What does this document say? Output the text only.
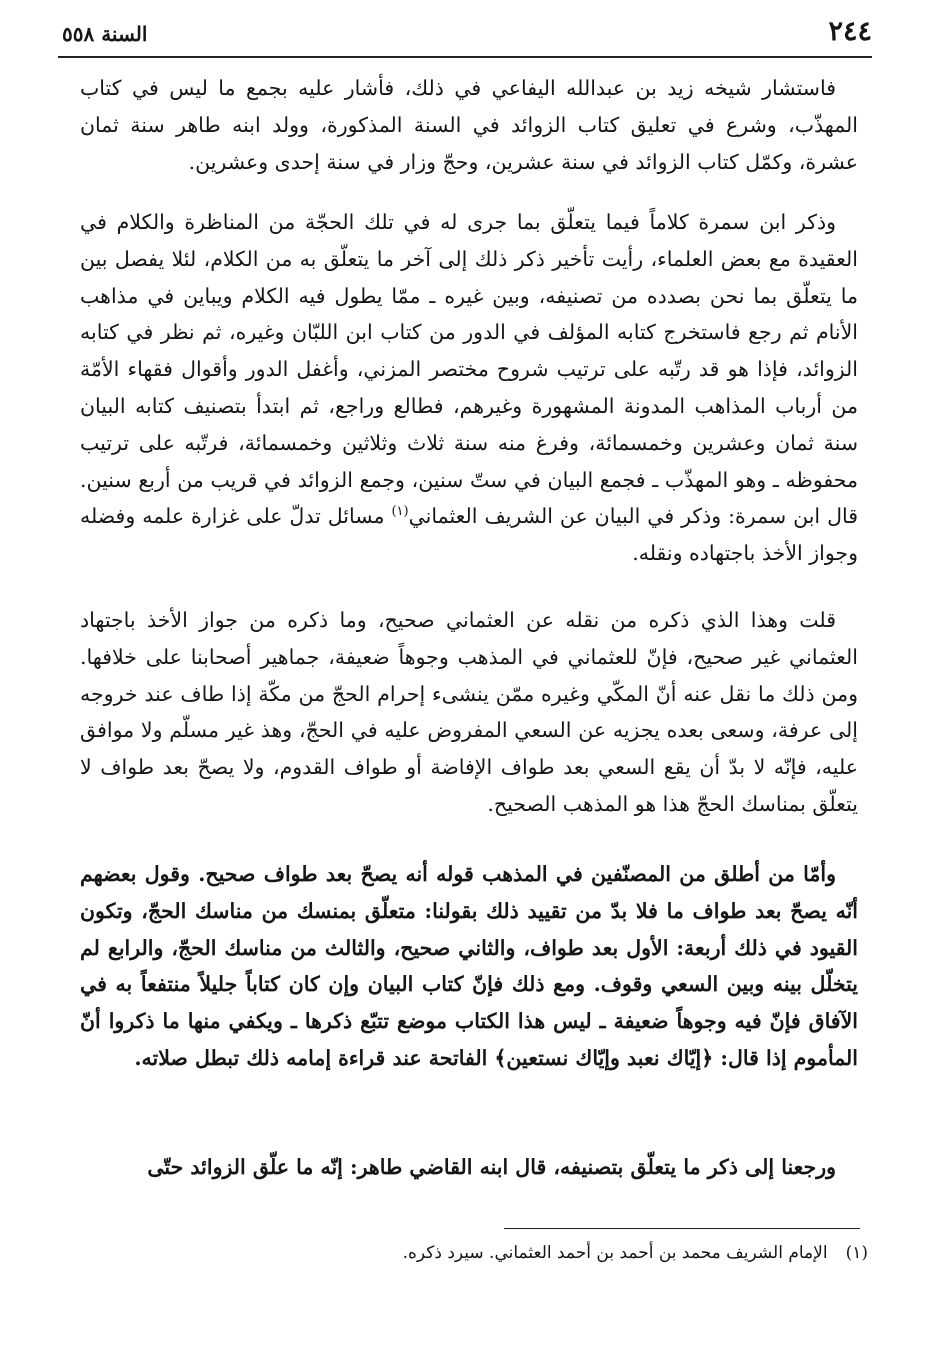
٢٤٤
السنة ٥٥٨

فاستشار شيخه زيد بن عبدالله اليفاعي في ذلك، فأشار عليه بجمع ما ليس في كتاب المهذّب، وشرع في تعليق كتاب الزوائد في السنة المذكورة، وولد ابنه طاهر سنة ثمان عشرة، وكمّل كتاب الزوائد في سنة عشرين، وحجّ وزار في سنة إحدى وعشرين.

وذكر ابن سمرة كلاماً فيما يتعلّق بما جرى له في تلك الحجّة من المناظرة والكلام في العقيدة مع بعض العلماء، رأيت تأخير ذكر ذلك إلى آخر ما يتعلّق به من الكلام، لئلا يفصل بين ما يتعلّق بما نحن بصدده من تصنيفه، وبين غيره ـ ممّا يطول فيه الكلام ويباين في مذاهب الأنام ثم رجع فاستخرج كتابه المؤلف في الدور من كتاب ابن اللبّان وغيره، ثم نظر في كتابه الزوائد، فإذا هو قد رتّبه على ترتيب شروح مختصر المزني، وأغفل الدور وأقوال فقهاء الأمّة من أرباب المذاهب المدونة المشهورة وغيرهم، فطالع وراجع، ثم ابتدأ بتصنيف كتابه البيان سنة ثمان وعشرين وخمسمائة، وفرغ منه سنة ثلاث وثلاثين وخمسمائة، فرتّبه على ترتيب محفوظه ـ وهو المهذّب ـ فجمع البيان في ستّ سنين، وجمع الزوائد في قريب من أربع سنين. قال ابن سمرة: وذكر في البيان عن الشريف العثماني$^{(١)}$ مسائل تدلّ على غزارة علمه وفضله وجواز الأخذ باجتهاده ونقله.

قلت وهذا الذي ذكره من نقله عن العثماني صحيح، وما ذكره من جواز الأخذ باجتهاد العثماني غير صحيح، فإنّ للعثماني في المذهب وجوهاً ضعيفة، جماهير أصحابنا على خلافها. ومن ذلك ما نقل عنه أنّ المكّي وغيره ممّن ينشىء إحرام الحجّ من مكّة إذا طاف عند خروجه إلى عرفة، وسعى بعده يجزيه عن السعي المفروض عليه في الحجّ، وهذ غير مسلّم ولا موافق عليه، فإنّه لا بدّ أن يقع السعي بعد طواف الإفاضة أو طواف القدوم، ولا يصحّ بعد طواف لا يتعلّق بمناسك الحجّ هذا هو المذهب الصحيح.

وأمّا من أطلق من المصنّفين في المذهب قوله أنه يصحّ بعد طواف صحيح. وقول بعضهم أنّه يصحّ بعد طواف ما فلا بدّ من تقييد ذلك بقولنا: متعلّق بمنسك من مناسك الحجّ، وتكون القيود في ذلك أربعة: الأول بعد طواف، والثاني صحيح، والثالث من مناسك الحجّ، والرابع لم يتخلّل بينه وبين السعي وقوف. ومع ذلك فإنّ كتاب البيان وإن كان كتاباً جليلاً منتفعاً به في الآفاق فإنّ فيه وجوهاً ضعيفة ـ ليس هذا الكتاب موضع تتبّع ذكرها ـ ويكفي منها ما ذكروا أنّ المأموم إذا قال: ﴿إيّاك نعبد وإيّاك نستعين﴾ الفاتحة عند قراءة إمامه ذلك تبطل صلاته.

ورجعنا إلى ذكر ما يتعلّق بتصنيفه، قال ابنه القاضي طاهر: إنّه ما علّق الزوائد حتّى

(١)الإمام الشريف محمد بن أحمد بن أحمد العثماني. سيرد ذكره.
